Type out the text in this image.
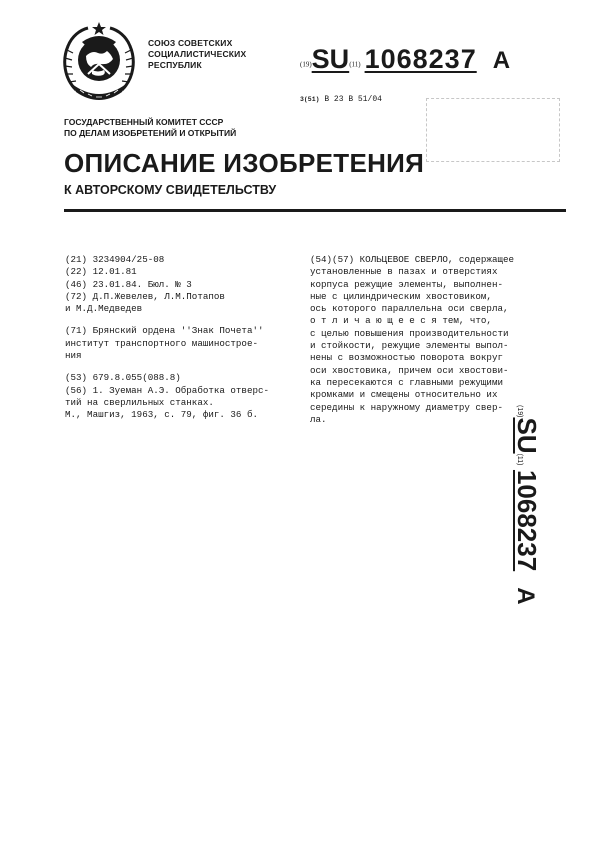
СОЮЗ СОВЕТСКИХ
СОЦИАЛИСТИЧЕСКИХ
РЕСПУБЛИК	(19)SU(11) 1068237 A
3(51) B 23 B 51/04
ГОСУДАРСТВЕННЫЙ КОМИТЕТ СССР
ПО ДЕЛАМ ИЗОБРЕТЕНИЙ И ОТКРЫТИЙ
ОПИСАНИЕ ИЗОБРЕТЕНИЯ
К АВТОРСКОМУ СВИДЕТЕЛЬСТВУ
(21) 3234904/25-08
(22) 12.01.81
(46) 23.01.84. Бюл. № 3
(72) Д.П.Жевелев, Л.М.Потапов
и М.Д.Медведев
(71) Брянский ордена ''Знак Почета''
институт транспортного машинострое-
ния
(53) 679.8.055(088.8)
(56) 1. Зуеман А.Э. Обработка отверс-
тий на сверлильных станках.
М., Машгиз, 1963, с. 79, фиг. 36 б.
(54)(57) КОЛЬЦЕВОЕ СВЕРЛО, содержащее
установленные в пазах и отверстиях
корпуса режущие элементы, выполнен-
ные с цилиндрическим хвостовиком,
ось которого параллельна оси сверла,
о т л и ч а ю щ е е с я тем, что,
с целью повышения производительности
и стойкости, режущие элементы выпол-
нены с возможностью поворота вокруг
оси хвостовика, причем оси хвостови-
ка пересекаются с главными режущими
кромками и смещены относительно их
середины к наружному диаметру свер-
ла.
(19)SU(11) 1068237A
